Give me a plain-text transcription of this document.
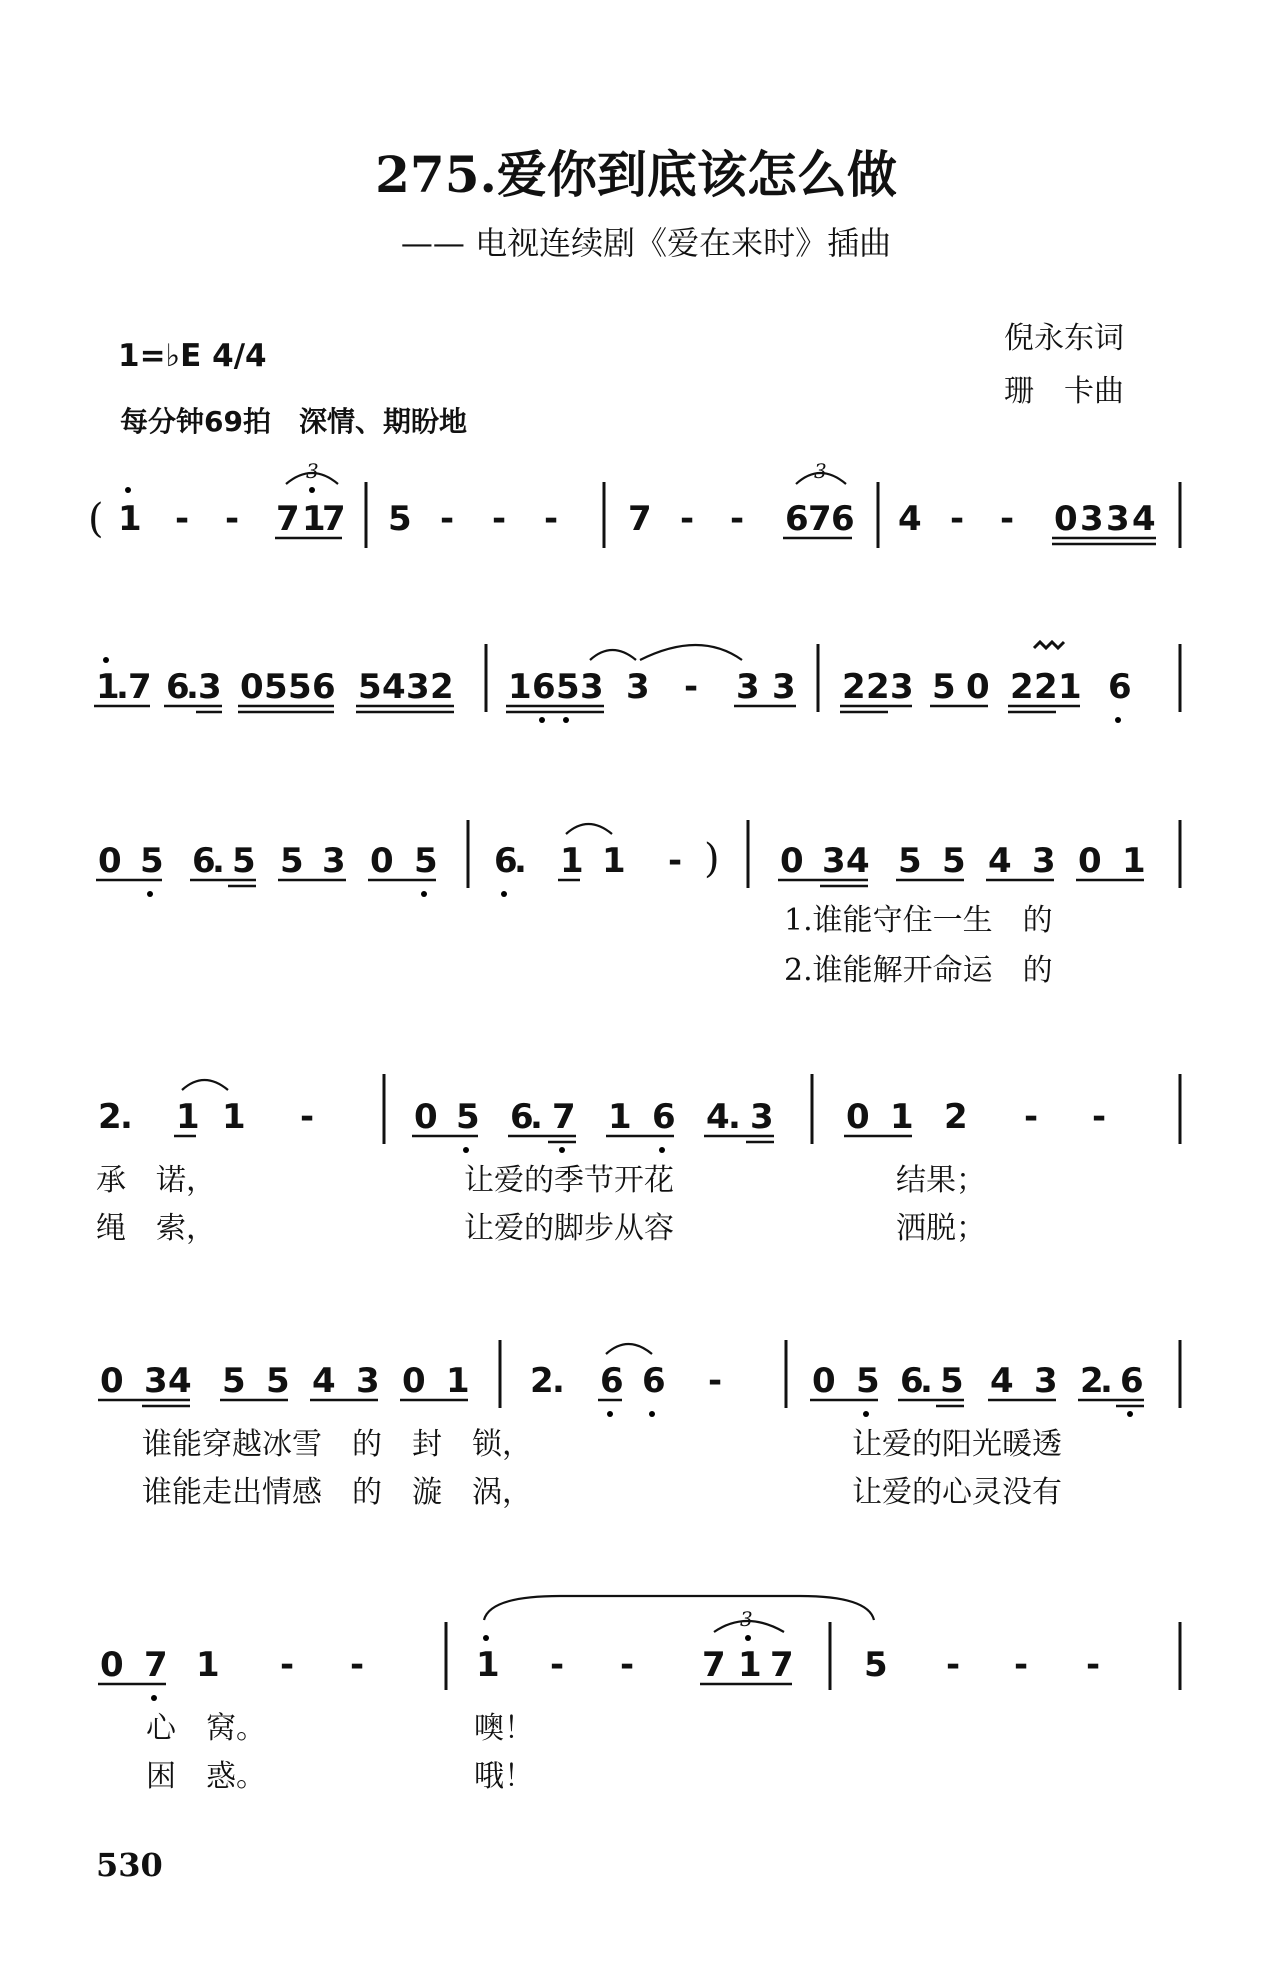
275.爱你到底该怎么做
—— 电视连续剧《爱在来时》插曲
1=♭E 4/4
每分钟69拍　深情、期盼地
倪永东词
珊　卡曲
( 1 - - 7 1
7
3
5 - - - 7 - - 6 7 6
3
4 - - 0 3 3 4
1
. 7 6
. 3 0 5 5 6 5 4 3 2 1 6 5 3 3 - 3 3 2 2 3 5 0 2 2 1 6
0 5 6
. 5 5 3 0 5 6
. 1 1 - ) 0 3 4 5 5 4 3 0 1
1.谁能守住一生　的
2.谁能解开命运　的
2
. 1 1 -	0 5 6
. 7 1 6 4
. 3 0 1 2 - -
承　诺，	让爱的季节开花	结果；
绳　索，	让爱的脚步从容	洒脱；
0 3 4 5 5 4 3 0 1 2
. 6 6 -	0 5 6
. 5 4 3 2
. 6
谁能穿越冰雪　的　封　锁，	让爱的阳光暖透
谁能走出情感　的　漩　涡，	让爱的心灵没有
0 7 1 - -	1 - - 7 1 7
3
5 - - -
心　窝。	噢！
困　惑。	哦！
530
